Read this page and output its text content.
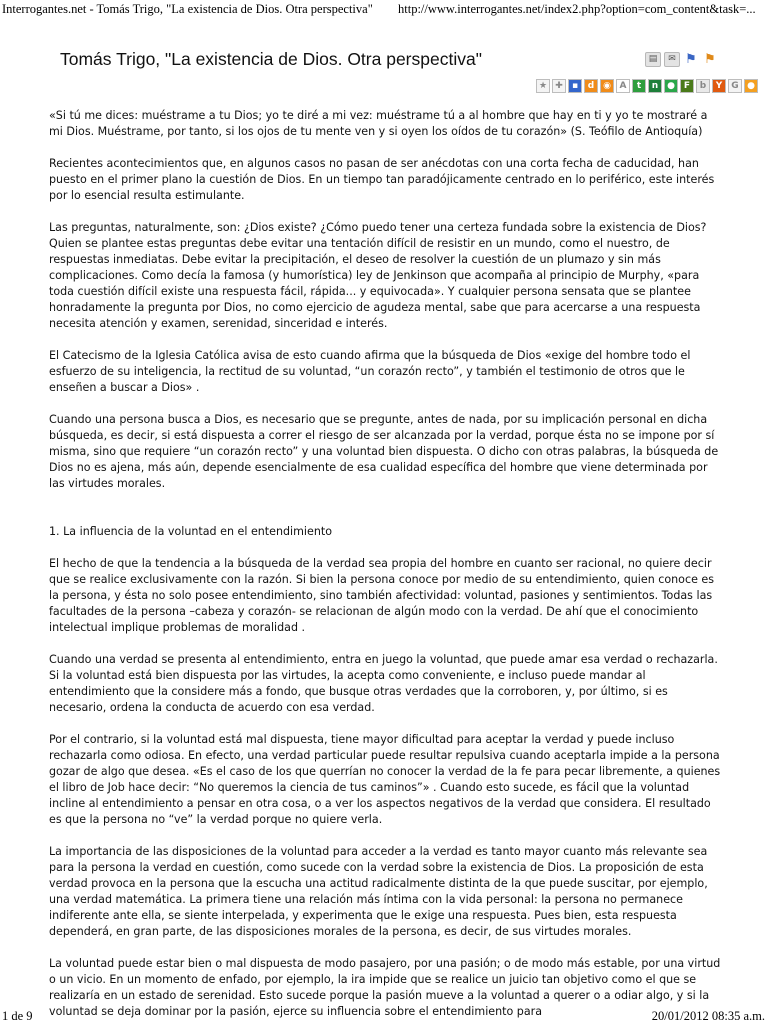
Interrogantes.net - Tomás Trigo, "La existencia de Dios. Otra perspectiva" http://www.interrogantes.net/index2.php?option=com_content&task=...
Tomás Trigo, "La existencia de Dios. Otra perspectiva"	▤	✉ ⚑ ⚑
★ ✚	▪	d ◉ A	t	n ●	F	b	Y	G ●

«Si tú me dices: muéstrame a tu Dios; yo te diré a mi vez: muéstrame tú a al hombre que hay en ti y yo te mostraré a mi Dios. Muéstrame, por tanto, si los ojos de tu mente ven y si oyen los oídos de tu corazón» (S. Teófilo de Antioquía)

Recientes acontecimientos que, en algunos casos no pasan de ser anécdotas con una corta fecha de caducidad, han puesto en el primer plano la cuestión de Dios. En un tiempo tan paradójicamente centrado en lo periférico, este interés por lo esencial resulta estimulante.

Las preguntas, naturalmente, son: ¿Dios existe? ¿Cómo puedo tener una certeza fundada sobre la existencia de Dios? Quien se plantee estas preguntas debe evitar una tentación difícil de resistir en un mundo, como el nuestro, de respuestas inmediatas. Debe evitar la precipitación, el deseo de resolver la cuestión de un plumazo y sin más complicaciones. Como decía la famosa (y humorística) ley de Jenkinson que acompaña al principio de Murphy, «para toda cuestión difícil existe una respuesta fácil, rápida... y equivocada». Y cualquier persona sensata que se plantee honradamente la pregunta por Dios, no como ejercicio de agudeza mental, sabe que para acercarse a una respuesta necesita atención y examen, serenidad, sinceridad e interés.

El Catecismo de la Iglesia Católica avisa de esto cuando afirma que la búsqueda de Dios «exige del hombre todo el esfuerzo de su inteligencia, la rectitud de su voluntad, “un corazón recto”, y también el testimonio de otros que le enseñen a buscar a Dios» .

Cuando una persona busca a Dios, es necesario que se pregunte, antes de nada, por su implicación personal en dicha búsqueda, es decir, si está dispuesta a correr el riesgo de ser alcanzada por la verdad, porque ésta no se impone por sí misma, sino que requiere “un corazón recto” y una voluntad bien dispuesta. O dicho con otras palabras, la búsqueda de Dios no es ajena, más aún, depende esencialmente de esa cualidad específica del hombre que viene determinada por las virtudes morales.

1. La influencia de la voluntad en el entendimiento

El hecho de que la tendencia a la búsqueda de la verdad sea propia del hombre en cuanto ser racional, no quiere decir que se realice exclusivamente con la razón. Si bien la persona conoce por medio de su entendimiento, quien conoce es la persona, y ésta no solo posee entendimiento, sino también afectividad: voluntad, pasiones y sentimientos. Todas las facultades de la persona –cabeza y corazón- se relacionan de algún modo con la verdad. De ahí que el conocimiento intelectual implique problemas de moralidad .

Cuando una verdad se presenta al entendimiento, entra en juego la voluntad, que puede amar esa verdad o rechazarla. Si la voluntad está bien dispuesta por las virtudes, la acepta como conveniente, e incluso puede mandar al entendimiento que la considere más a fondo, que busque otras verdades que la corroboren, y, por último, si es necesario, ordena la conducta de acuerdo con esa verdad.

Por el contrario, si la voluntad está mal dispuesta, tiene mayor dificultad para aceptar la verdad y puede incluso rechazarla como odiosa. En efecto, una verdad particular puede resultar repulsiva cuando aceptarla impide a la persona gozar de algo que desea. «Es el caso de los que querrían no conocer la verdad de la fe para pecar libremente, a quienes el libro de Job hace decir: “No queremos la ciencia de tus caminos”» . Cuando esto sucede, es fácil que la voluntad incline al entendimiento a pensar en otra cosa, o a ver los aspectos negativos de la verdad que considera. El resultado es que la persona no “ve” la verdad porque no quiere verla.

La importancia de las disposiciones de la voluntad para acceder a la verdad es tanto mayor cuanto más relevante sea para la persona la verdad en cuestión, como sucede con la verdad sobre la existencia de Dios. La proposición de esta verdad provoca en la persona que la escucha una actitud radicalmente distinta de la que puede suscitar, por ejemplo, una verdad matemática. La primera tiene una relación más íntima con la vida personal: la persona no permanece indiferente ante ella, se siente interpelada, y experimenta que le exige una respuesta. Pues bien, esta respuesta dependerá, en gran parte, de las disposiciones morales de la persona, es decir, de sus virtudes morales.

La voluntad puede estar bien o mal dispuesta de modo pasajero, por una pasión; o de modo más estable, por una virtud o un vicio. En un momento de enfado, por ejemplo, la ira impide que se realice un juicio tan objetivo como el que se realizaría en un estado de serenidad. Esto sucede porque la pasión mueve a la voluntad a querer o a odiar algo, y si la voluntad se deja dominar por la pasión, ejerce su influencia sobre el entendimiento para

1 de 9	20/01/2012 08:35 a.m.
